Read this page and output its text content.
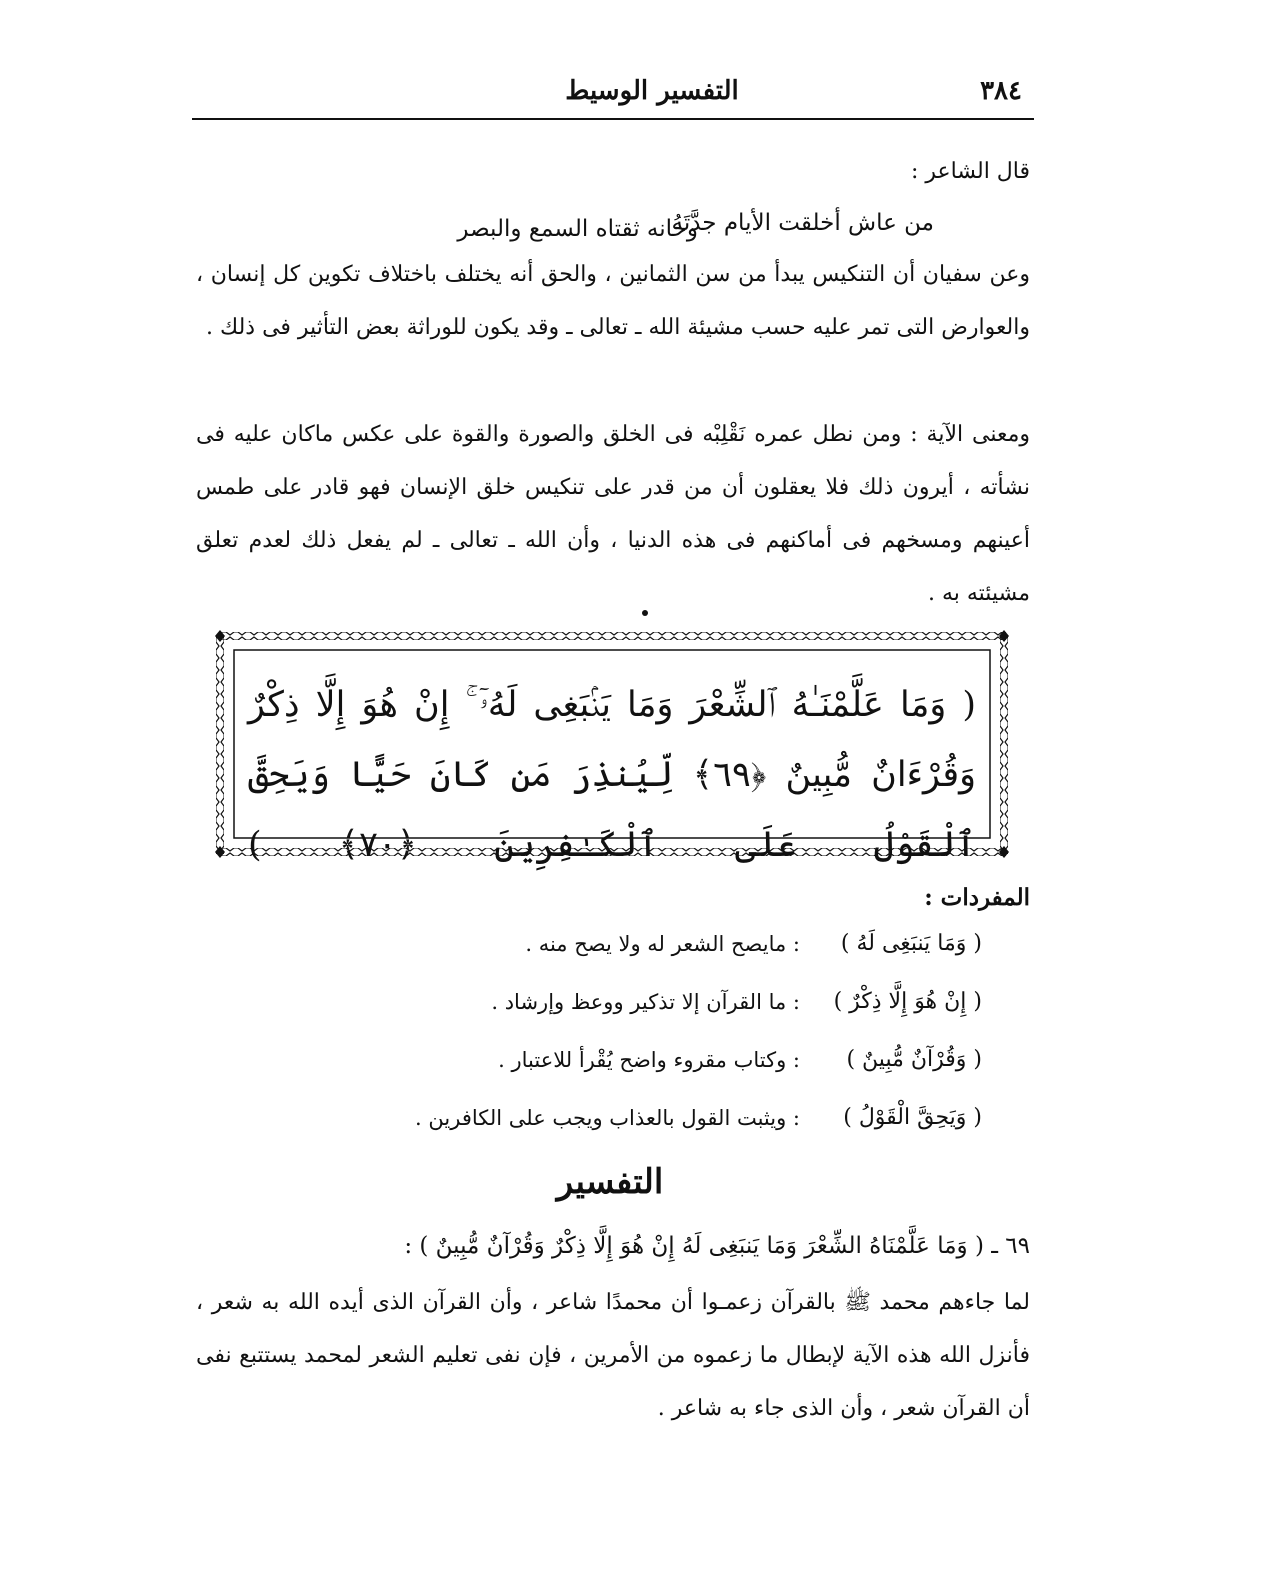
٣٨٤
التفسير الوسيط
قال الشاعر :
من عاش أخلقت الأيام جدَّتَهُ
وخانه ثقتاه السمع والبصر
وعن سفيان أن التنكيس يبدأ من سن الثمانين ، والحق أنه يختلف باختلاف تكوين كل إنسان ، والعوارض التى تمر عليه حسب مشيئة الله ـ تعالى ـ وقد يكون للوراثة بعض التأثير فى ذلك .
ومعنى الآية : ومن نطل عمره نَقْلِبْه فى الخلق والصورة والقوة على عكس ماكان عليه فى نشأته ، أيرون ذلك فلا يعقلون أن من قدر على تنكيس خلق الإنسان فهو قادر على طمس أعينهم ومسخهم فى أماكنهم فى هذه الدنيا ، وأن الله ـ تعالى ـ لم يفعل ذلك لعدم تعلق مشيئته به .
( وَمَا عَلَّمْنَـٰهُ ٱلشِّعْرَ وَمَا يَنۢبَغِى لَهُۥٓ ۚ إِنْ هُوَ إِلَّا ذِكْرٌ وَقُرْءَانٌ مُّبِينٌ ﴿٦٩﴾ لِّيُنذِرَ مَن كَانَ حَيًّا وَيَحِقَّ ٱلْقَوْلُ عَلَى ٱلْكَـٰفِرِينَ ﴿٧٠﴾ )
المفردات :
( وَمَا يَنبَغِى لَهُ )
: مايصح الشعر له ولا يصح منه .
( إِنْ هُوَ إِلَّا ذِكْرٌ )
: ما القرآن إلا تذكير ووعظ وإرشاد .
( وَقُرْآنٌ مُّبِينٌ )
: وكتاب مقروء واضح يُقْرأ للاعتبار .
( وَيَحِقَّ الْقَوْلُ )
: ويثبت القول بالعذاب ويجب على الكافرين .
التفسير
٦٩ ـ ( وَمَا عَلَّمْنَاهُ الشِّعْرَ وَمَا يَنبَغِى لَهُ إِنْ هُوَ إِلَّا ذِكْرٌ وَقُرْآنٌ مُّبِينٌ ) :
لما جاءهم محمد ﷺ بالقرآن زعمـوا أن محمدًا شاعر ، وأن القرآن الذى أيده الله به شعر ، فأنزل الله هذه الآية لإبطال ما زعموه من الأمرين ، فإن نفى تعليم الشعر لمحمد يستتبع نفى أن القرآن شعر ، وأن الذى جاء به شاعر .
